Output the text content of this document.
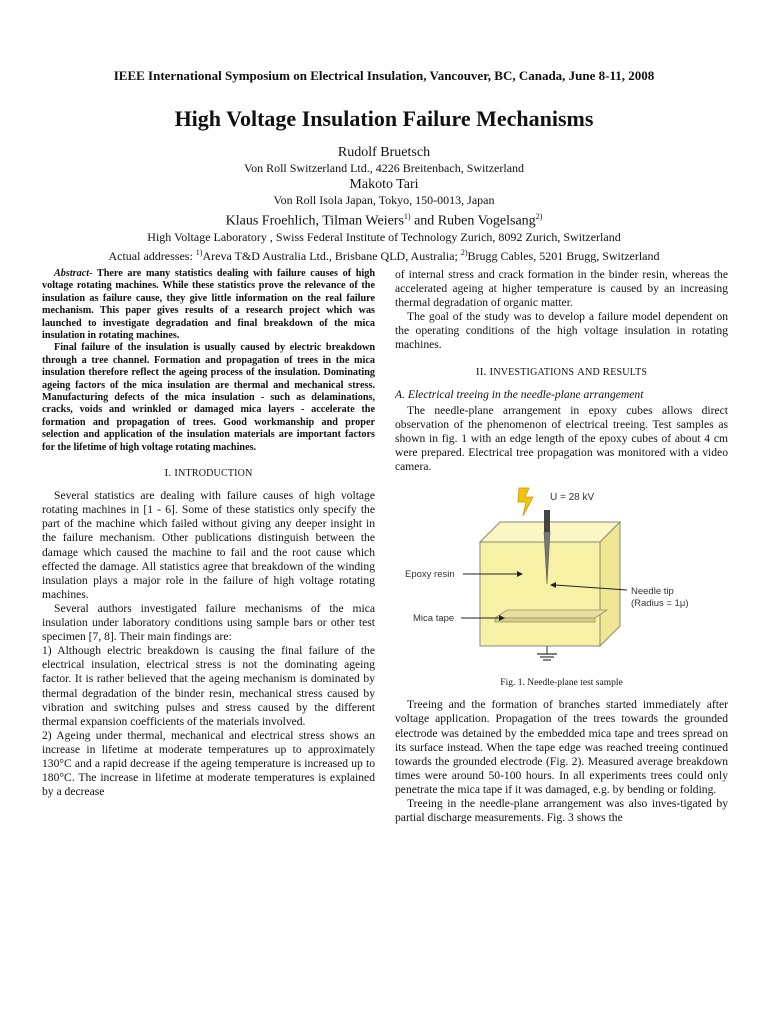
IEEE International Symposium on Electrical Insulation, Vancouver, BC, Canada, June 8-11, 2008
High Voltage Insulation Failure Mechanisms
Rudolf Bruetsch
Von Roll Switzerland Ltd., 4226 Breitenbach, Switzerland
Makoto Tari
Von Roll Isola Japan, Tokyo, 150-0013, Japan
Klaus Froehlich, Tilman Weiers$^{1)}$ and Ruben Vogelsang$^{2)}$
High Voltage Laboratory , Swiss Federal Institute of Technology Zurich, 8092 Zurich, Switzerland
Actual addresses: $^{1)}$Areva T&D Australia Ltd., Brisbane QLD, Australia; $^{2)}$Brugg Cables, 5201 Brugg, Switzerland

Abstract- There are many statistics dealing with failure causes of high voltage rotating machines. While these statistics prove the relevance of the insulation as failure cause, they give little information on the real failure mechanism. This paper gives results of a research project which was launched to investigate degradation and final breakdown of the mica insulation in rotating machines.

Final failure of the insulation is usually caused by electric breakdown through a tree channel. Formation and propagation of trees in the mica insulation therefore reflect the ageing process of the insulation. Dominating ageing factors of the mica insulation are thermal and mechanical stress. Manufacturing defects of the mica insulation - such as delaminations, cracks, voids and wrinkled or damaged mica layers - accelerate the formation and propagation of trees. Good workmanship and proper selection and application of the insulation materials are important factors for the lifetime of high voltage rotating machines.

I. INTRODUCTION

Several statistics are dealing with failure causes of high voltage rotating machines in [1 - 6]. Some of these statistics only specify the part of the machine which failed without giving any deeper insight in the failure mechanism. Other publications distinguish between the damage which caused the machine to fail and the root cause which effected the damage. All statistics agree that breakdown of the winding insulation plays a major role in the failure of high voltage rotating machines.

Several authors investigated failure mechanisms of the mica insulation under laboratory conditions using sample bars or other test specimen [7, 8]. Their main findings are:

1) Although electric breakdown is causing the final failure of the electrical insulation, electrical stress is not the dominating ageing factor. It is rather believed that the ageing mechanism is dominated by thermal degradation of the binder resin, mechanical stress caused by vibration and switching pulses and stress caused by the different thermal expansion coefficients of the materials involved.

2) Ageing under thermal, mechanical and electrical stress shows an increase in lifetime at moderate temperatures up to approximately 130°C and a rapid decrease if the ageing temperature is increased up to 180°C. The increase in lifetime at moderate temperatures is explained by a decrease

of internal stress and crack formation in the binder resin, whereas the accelerated ageing at higher temperature is caused by an increasing thermal degradation of organic matter.

The goal of the study was to develop a failure model dependent on the operating conditions of the high voltage insulation in rotating machines.

II. INVESTIGATIONS AND RESULTS
A. Electrical treeing in the needle-plane arrangement

The needle-plane arrangement in epoxy cubes allows direct observation of the phenomenon of electrical treeing. Test samples as shown in fig. 1 with an edge length of the epoxy cubes of about 4 cm were prepared. Electrical tree propagation was monitored with a video camera.

U = 28 kV
Epoxy resin
Needle tip
(Radius = 1μ)
Mica tape
Fig. 1. Needle-plane test sample

Treeing and the formation of branches started immediately after voltage application. Propagation of the trees towards the grounded electrode was detained by the embedded mica tape and trees spread on its surface instead. When the tape edge was reached treeing continued towards the grounded electrode (Fig. 2). Measured average breakdown times were around 50-100 hours. In all experiments trees could only penetrate the mica tape if it was damaged, e.g. by bending or folding.

Treeing in the needle-plane arrangement was also inves-tigated by partial discharge measurements. Fig. 3 shows the
